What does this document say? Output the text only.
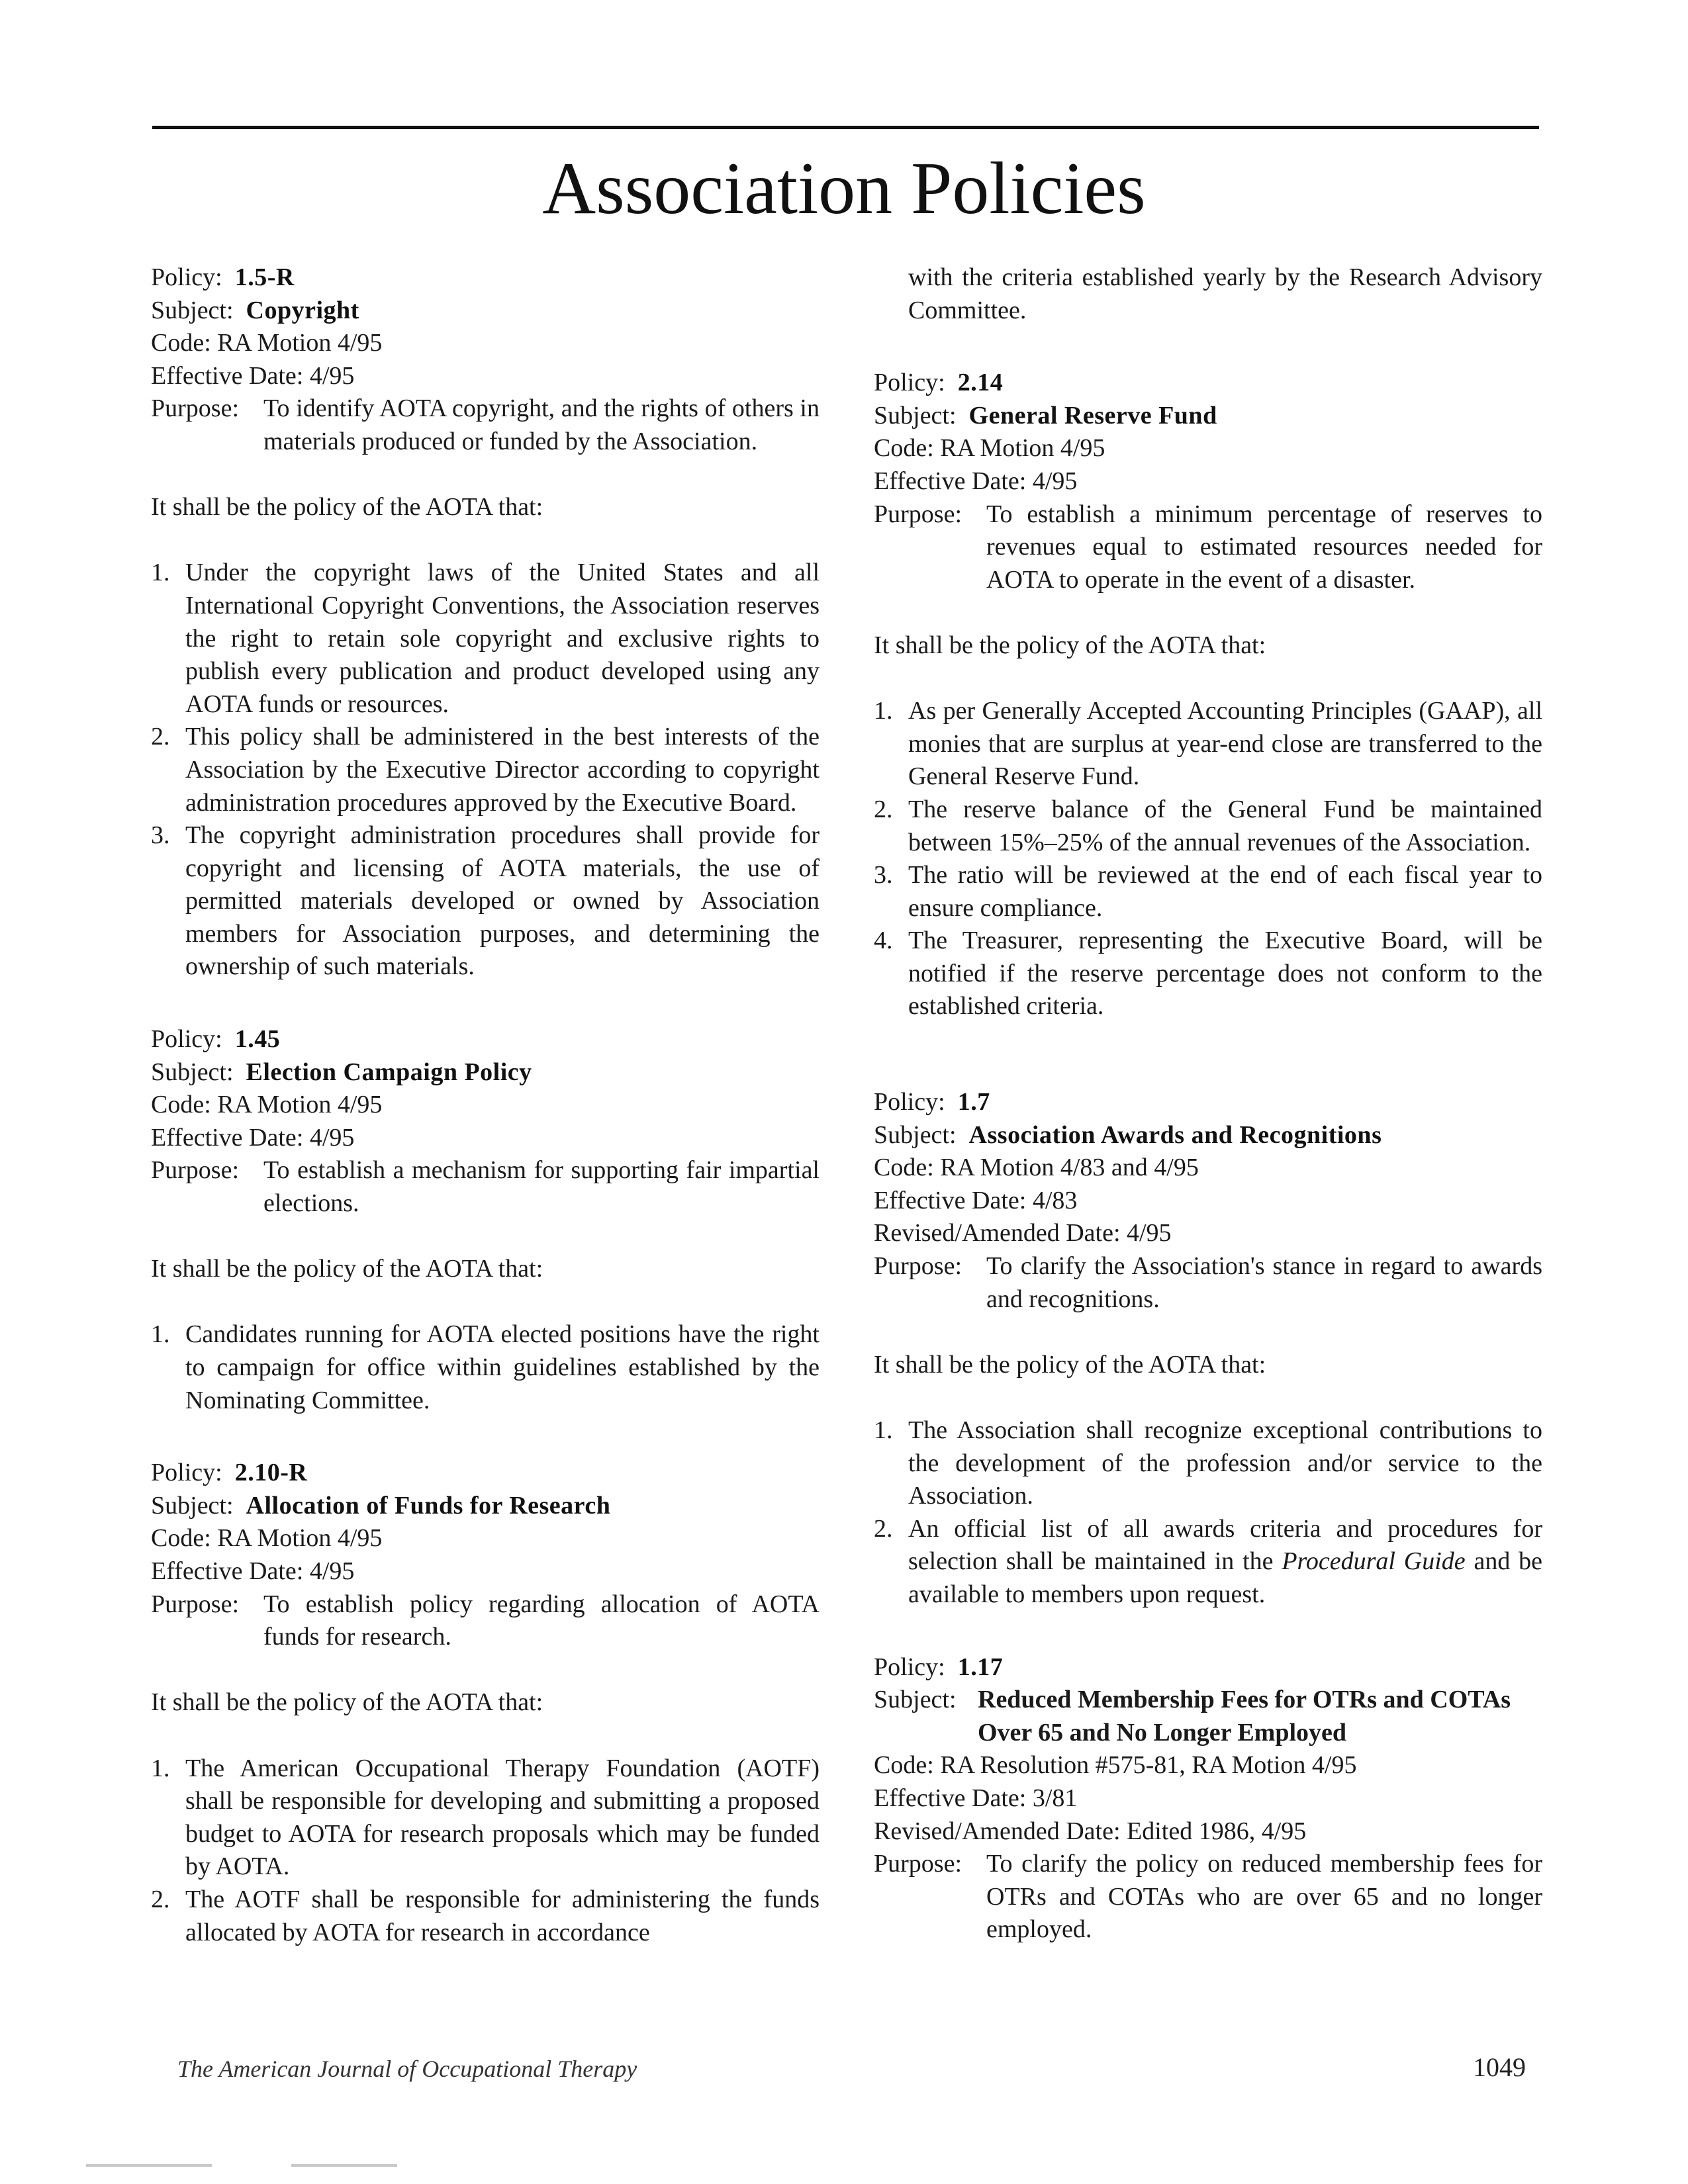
Association Policies
Policy: 1.5-R
Subject: Copyright
Code: RA Motion 4/95
Effective Date: 4/95
Purpose: To identify AOTA copyright, and the rights of others in materials produced or funded by the Association.
It shall be the policy of the AOTA that:
1. Under the copyright laws of the United States and all International Copyright Conventions, the Association reserves the right to retain sole copyright and exclusive rights to publish every publication and product developed using any AOTA funds or resources.
2. This policy shall be administered in the best interests of the Association by the Executive Director according to copyright administration procedures approved by the Executive Board.
3. The copyright administration procedures shall provide for copyright and licensing of AOTA materials, the use of permitted materials developed or owned by Association members for Association purposes, and determining the ownership of such materials.
Policy: 1.45
Subject: Election Campaign Policy
Code: RA Motion 4/95
Effective Date: 4/95
Purpose: To establish a mechanism for supporting fair impartial elections.
It shall be the policy of the AOTA that:
1. Candidates running for AOTA elected positions have the right to campaign for office within guidelines established by the Nominating Committee.
Policy: 2.10-R
Subject: Allocation of Funds for Research
Code: RA Motion 4/95
Effective Date: 4/95
Purpose: To establish policy regarding allocation of AOTA funds for research.
It shall be the policy of the AOTA that:
1. The American Occupational Therapy Foundation (AOTF) shall be responsible for developing and submitting a proposed budget to AOTA for research proposals which may be funded by AOTA.
2. The AOTF shall be responsible for administering the funds allocated by AOTA for research in accordance
with the criteria established yearly by the Research Advisory Committee.
Policy: 2.14
Subject: General Reserve Fund
Code: RA Motion 4/95
Effective Date: 4/95
Purpose: To establish a minimum percentage of reserves to revenues equal to estimated resources needed for AOTA to operate in the event of a disaster.
It shall be the policy of the AOTA that:
1. As per Generally Accepted Accounting Principles (GAAP), all monies that are surplus at year-end close are transferred to the General Reserve Fund.
2. The reserve balance of the General Fund be maintained between 15%–25% of the annual revenues of the Association.
3. The ratio will be reviewed at the end of each fiscal year to ensure compliance.
4. The Treasurer, representing the Executive Board, will be notified if the reserve percentage does not conform to the established criteria.
Policy: 1.7
Subject: Association Awards and Recognitions
Code: RA Motion 4/83 and 4/95
Effective Date: 4/83
Revised/Amended Date: 4/95
Purpose: To clarify the Association's stance in regard to awards and recognitions.
It shall be the policy of the AOTA that:
1. The Association shall recognize exceptional contributions to the development of the profession and/or service to the Association.
2. An official list of all awards criteria and procedures for selection shall be maintained in the Procedural Guide and be available to members upon request.
Policy: 1.17
Subject: Reduced Membership Fees for OTRs and COTAs Over 65 and No Longer Employed
Code: RA Resolution #575-81, RA Motion 4/95
Effective Date: 3/81
Revised/Amended Date: Edited 1986, 4/95
Purpose: To clarify the policy on reduced membership fees for OTRs and COTAs who are over 65 and no longer employed.
The American Journal of Occupational Therapy	1049
